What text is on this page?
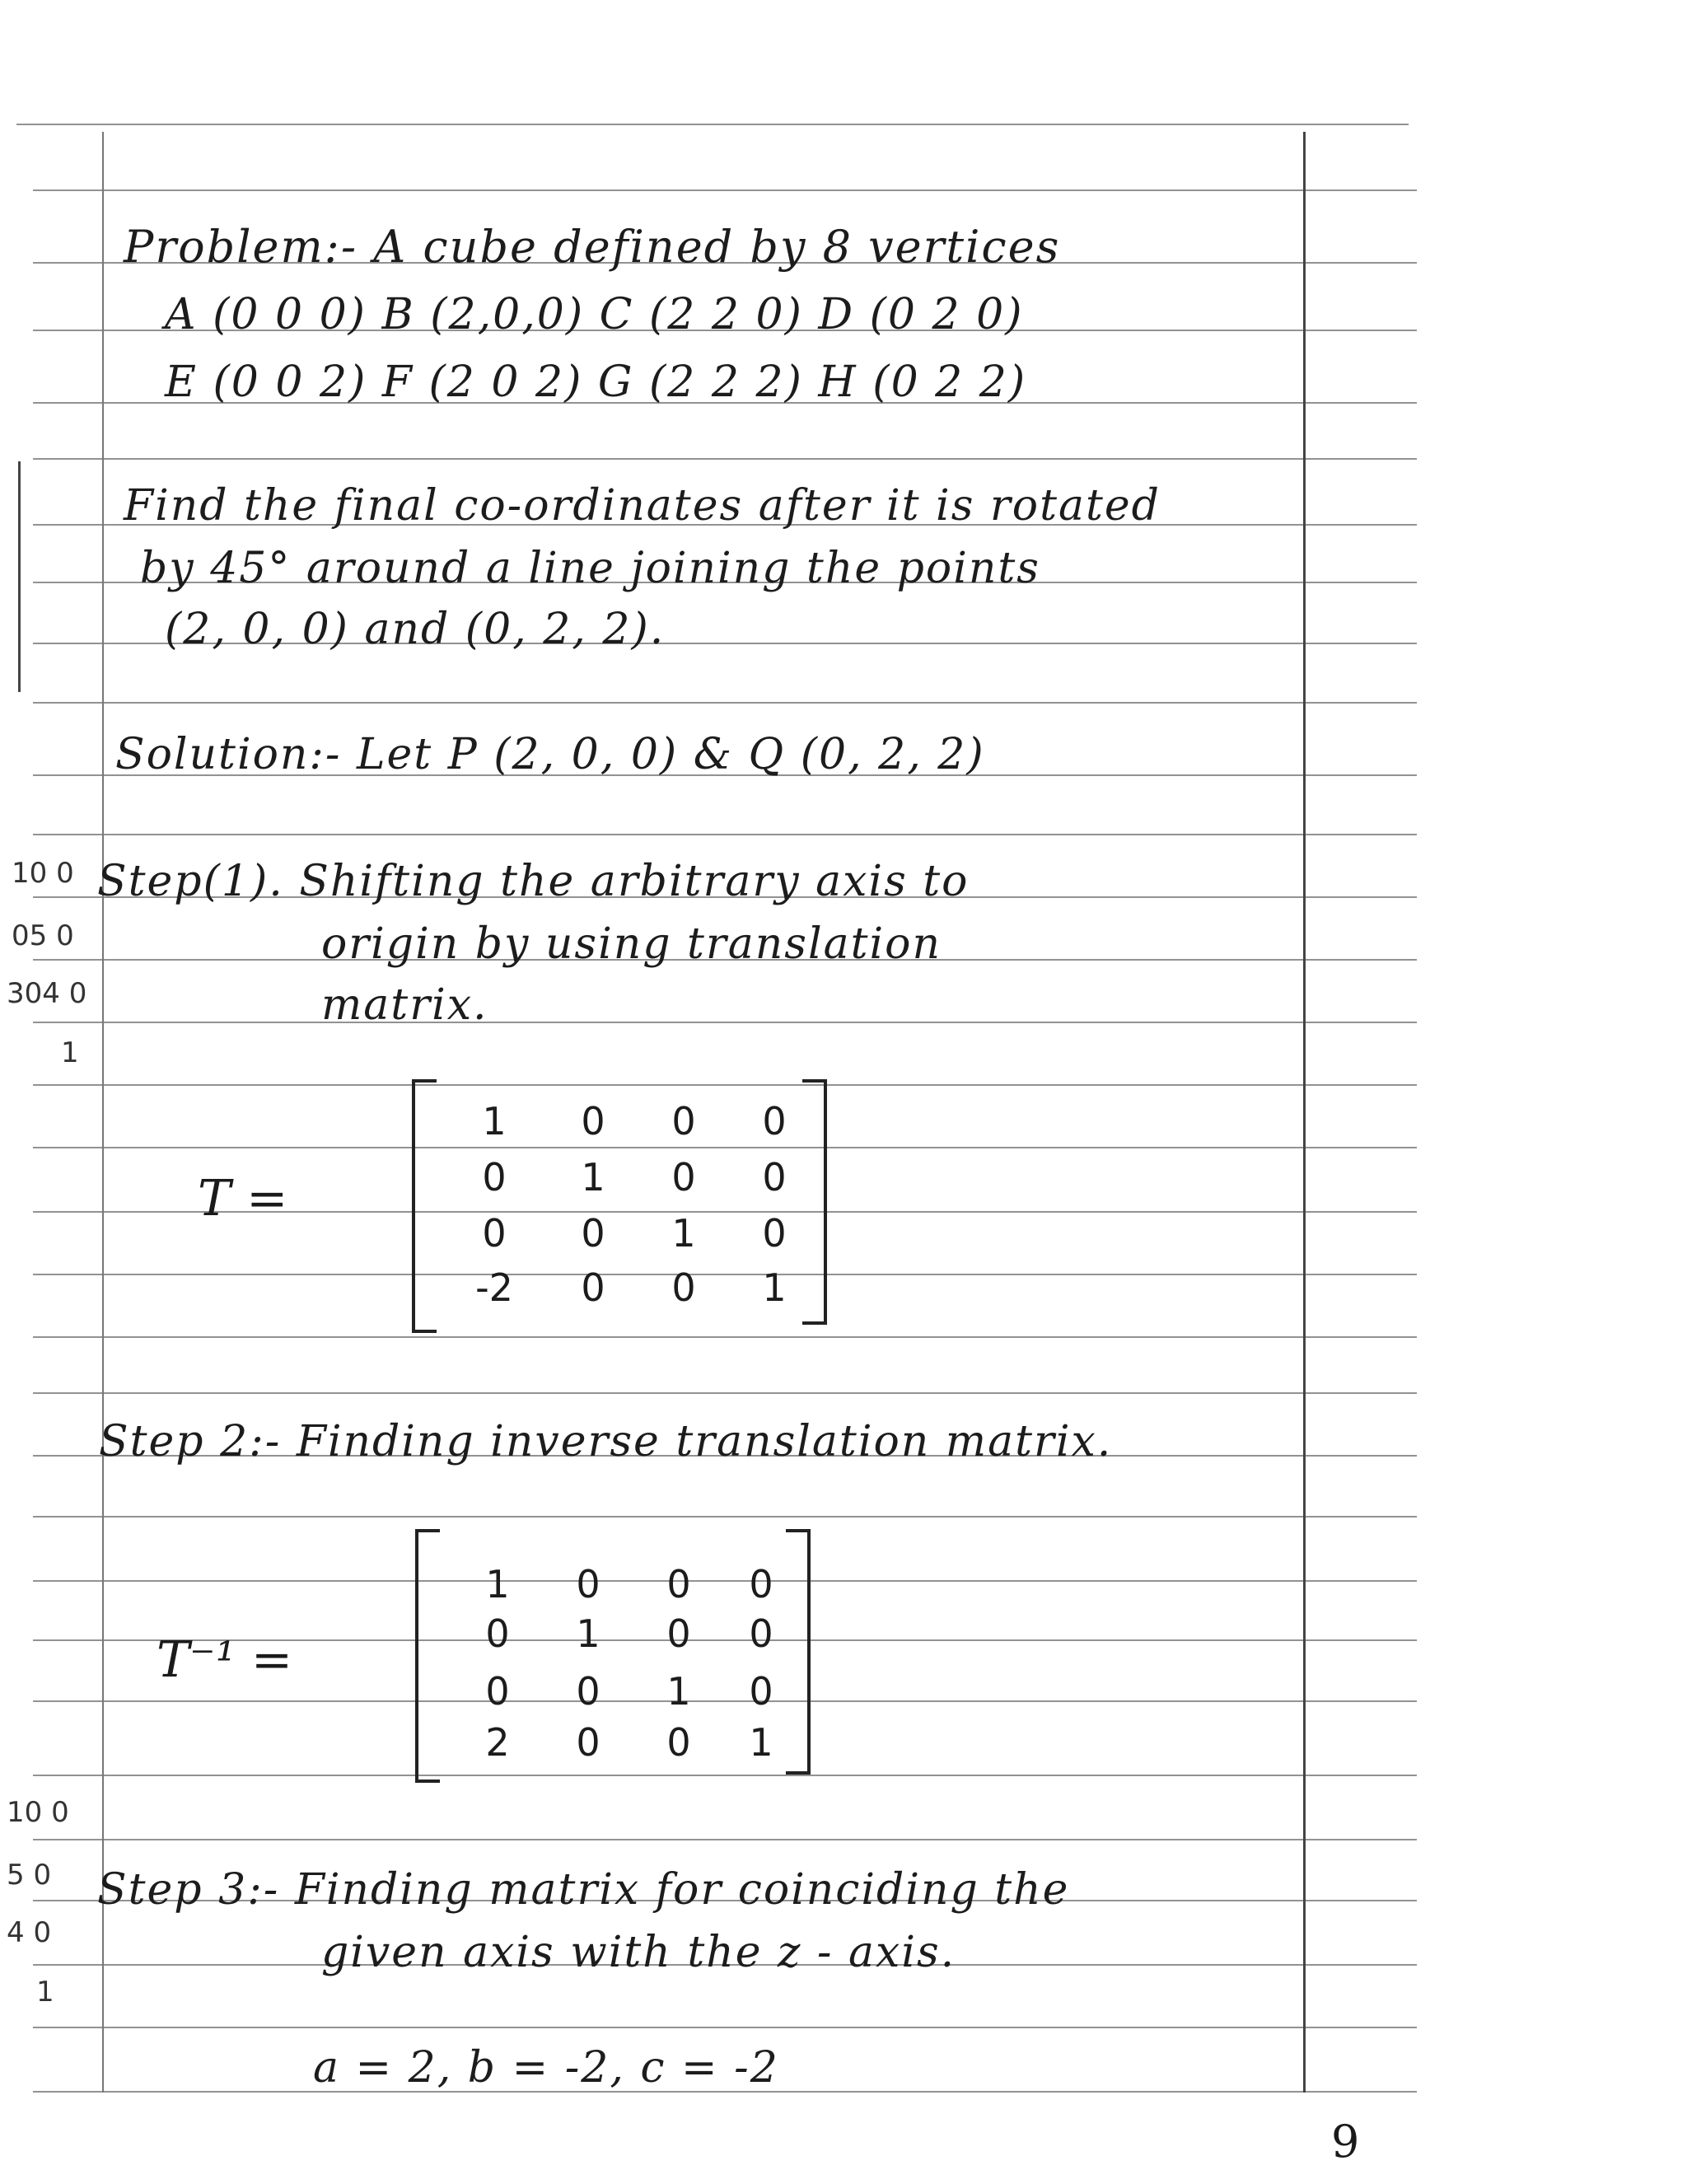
Problem:- A cube defined by 8 vertices
A (0 0 0) B (2,0,0) C (2 2 0) D (0 2 0)
E (0 0 2) F (2 0 2) G (2 2 2) H (0 2 2)
Find the final co-ordinates after it is rotated
by 45° around a line joining the points
(2, 0, 0) and (0, 2, 2).
Solution:- Let P (2, 0, 0) & Q (0, 2, 2)
Step(1). Shifting the arbitrary axis to
origin by using translation
matrix.
T =
1	0	0	0
0	1	0	0
0	0	1	0
-2	0	0	1
Step 2:- Finding inverse translation matrix.
T⁻¹ =
1	0	0	0
0	1	0	0
0	0	1	0
2	0	0	1
Step 3:- Finding matrix for coinciding the
given axis with the z - axis.
a = 2, b = -2, c = -2
10 0
05 0
304 0
1
10 0
5 0
4 0
1
9
